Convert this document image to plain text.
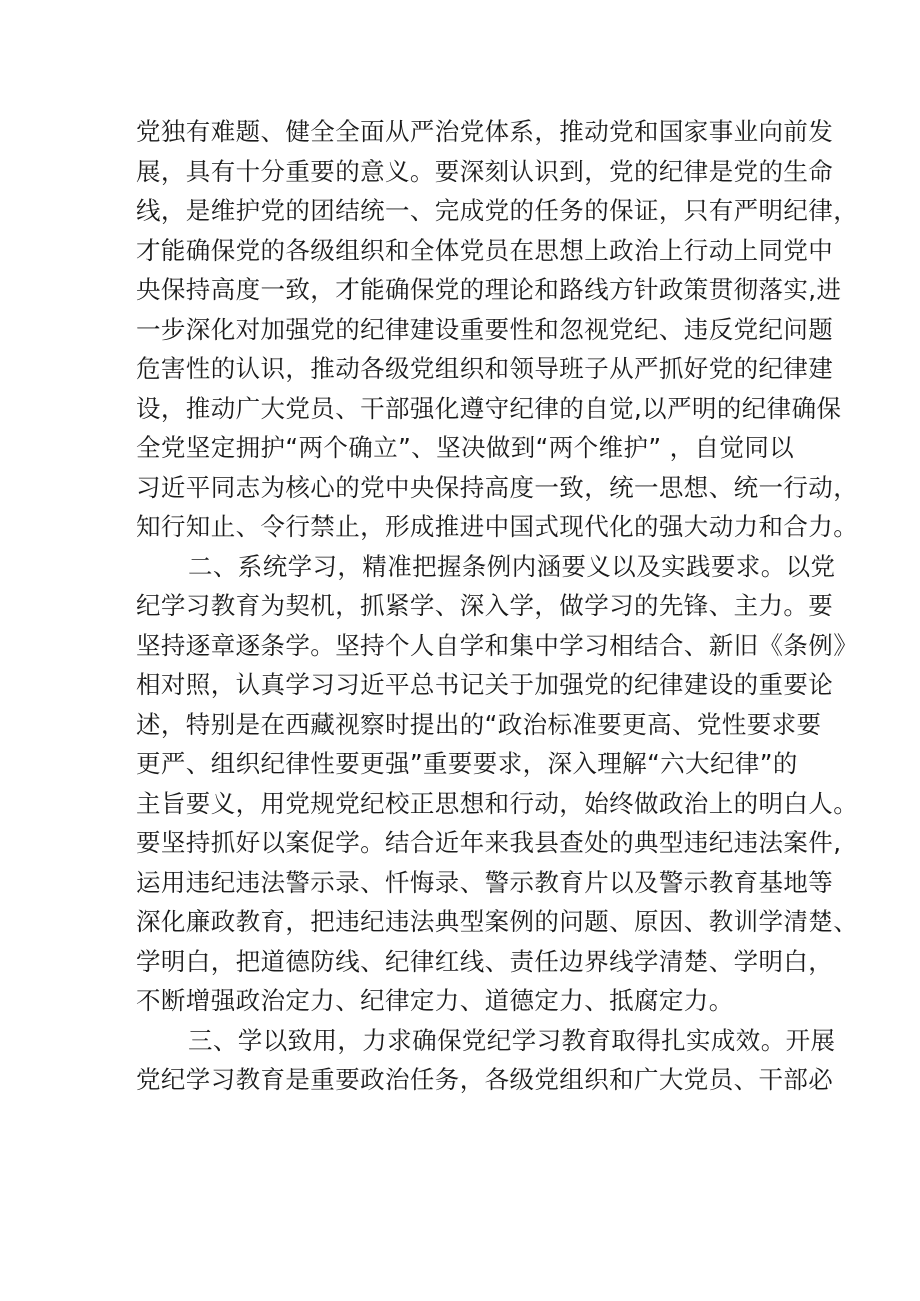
党独有难题、健全全面从严治党体系，推动党和国家事业向前发
展，具有十分重要的意义。要深刻认识到，党的纪律是党的生命
线，是维护党的团结统一、完成党的任务的保证，只有严明纪律，
才能确保党的各级组织和全体党员在思想上政治上行动上同党中
央保持高度一致，才能确保党的理论和路线方针政策贯彻落实,进
一步深化对加强党的纪律建设重要性和忽视党纪、违反党纪问题
危害性的认识，推动各级党组织和领导班子从严抓好党的纪律建
设，推动广大党员、干部强化遵守纪律的自觉,以严明的纪律确保
全党坚定拥护“两个确立”、坚决做到“两个维护” ，自觉同以
习近平同志为核心的党中央保持高度一致，统一思想、统一行动，
知行知止、令行禁止，形成推进中国式现代化的强大动力和合力。
二、系统学习，精准把握条例内涵要义以及实践要求。以党
纪学习教育为契机，抓紧学、深入学，做学习的先锋、主力。要
坚持逐章逐条学。坚持个人自学和集中学习相结合、新旧《条例》
相对照，认真学习习近平总书记关于加强党的纪律建设的重要论
述，特别是在西藏视察时提出的“政治标准要更高、党性要求要
更严、组织纪律性要更强”重要要求，深入理解“六大纪律”的
主旨要义，用党规党纪校正思想和行动，始终做政治上的明白人。
要坚持抓好以案促学。结合近年来我县查处的典型违纪违法案件,
运用违纪违法警示录、忏悔录、警示教育片以及警示教育基地等
深化廉政教育，把违纪违法典型案例的问题、原因、教训学清楚、
学明白，把道德防线、纪律红线、责任边界线学清楚、学明白，
不断增强政治定力、纪律定力、道德定力、抵腐定力。
三、学以致用，力求确保党纪学习教育取得扎实成效。开展
党纪学习教育是重要政治任务，各级党组织和广大党员、干部必
